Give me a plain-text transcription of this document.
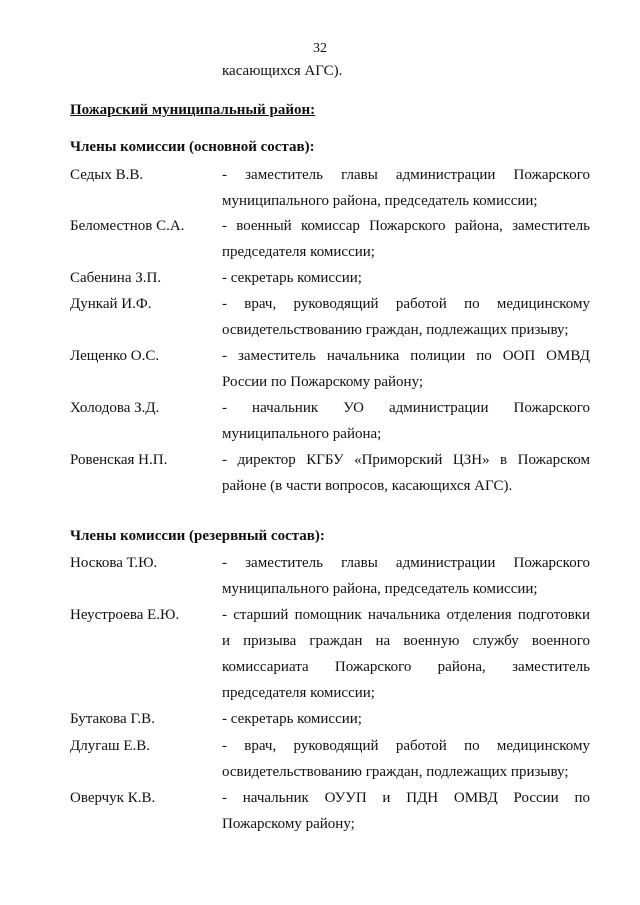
32
касающихся АГС).
Пожарский муниципальный район:
Члены комиссии (основной состав):
Седых В.В.	- заместитель главы администрации Пожарского
муниципального района, председатель комиссии;
Беломестнов С.А.	- военный комиссар Пожарского района, заместитель
председателя комиссии;
Сабенина З.П.	- секретарь комиссии;
Дункай И.Ф.	- врач, руководящий работой по медицинскому
освидетельствованию граждан, подлежащих призыву;
Лещенко О.С.	- заместитель начальника полиции по ООП ОМВД
России по Пожарскому району;
Холодова З.Д.	- начальник УО администрации Пожарского
муниципального района;
Ровенская Н.П.	- директор КГБУ «Приморский ЦЗН» в Пожарском
районе (в части вопросов, касающихся АГС).
Члены комиссии (резервный состав):
Носкова Т.Ю.	- заместитель главы администрации Пожарского
муниципального района, председатель комиссии;
Неустроева Е.Ю.	- старший помощник начальника отделения подготовки
и призыва граждан на военную службу военного
комиссариата Пожарского района, заместитель
председателя комиссии;
Бутакова Г.В.	- секретарь комиссии;
Длугаш Е.В.	- врач, руководящий работой по медицинскому
освидетельствованию граждан, подлежащих призыву;
Оверчук К.В.	- начальник ОУУП и ПДН ОМВД России по
Пожарскому району;
